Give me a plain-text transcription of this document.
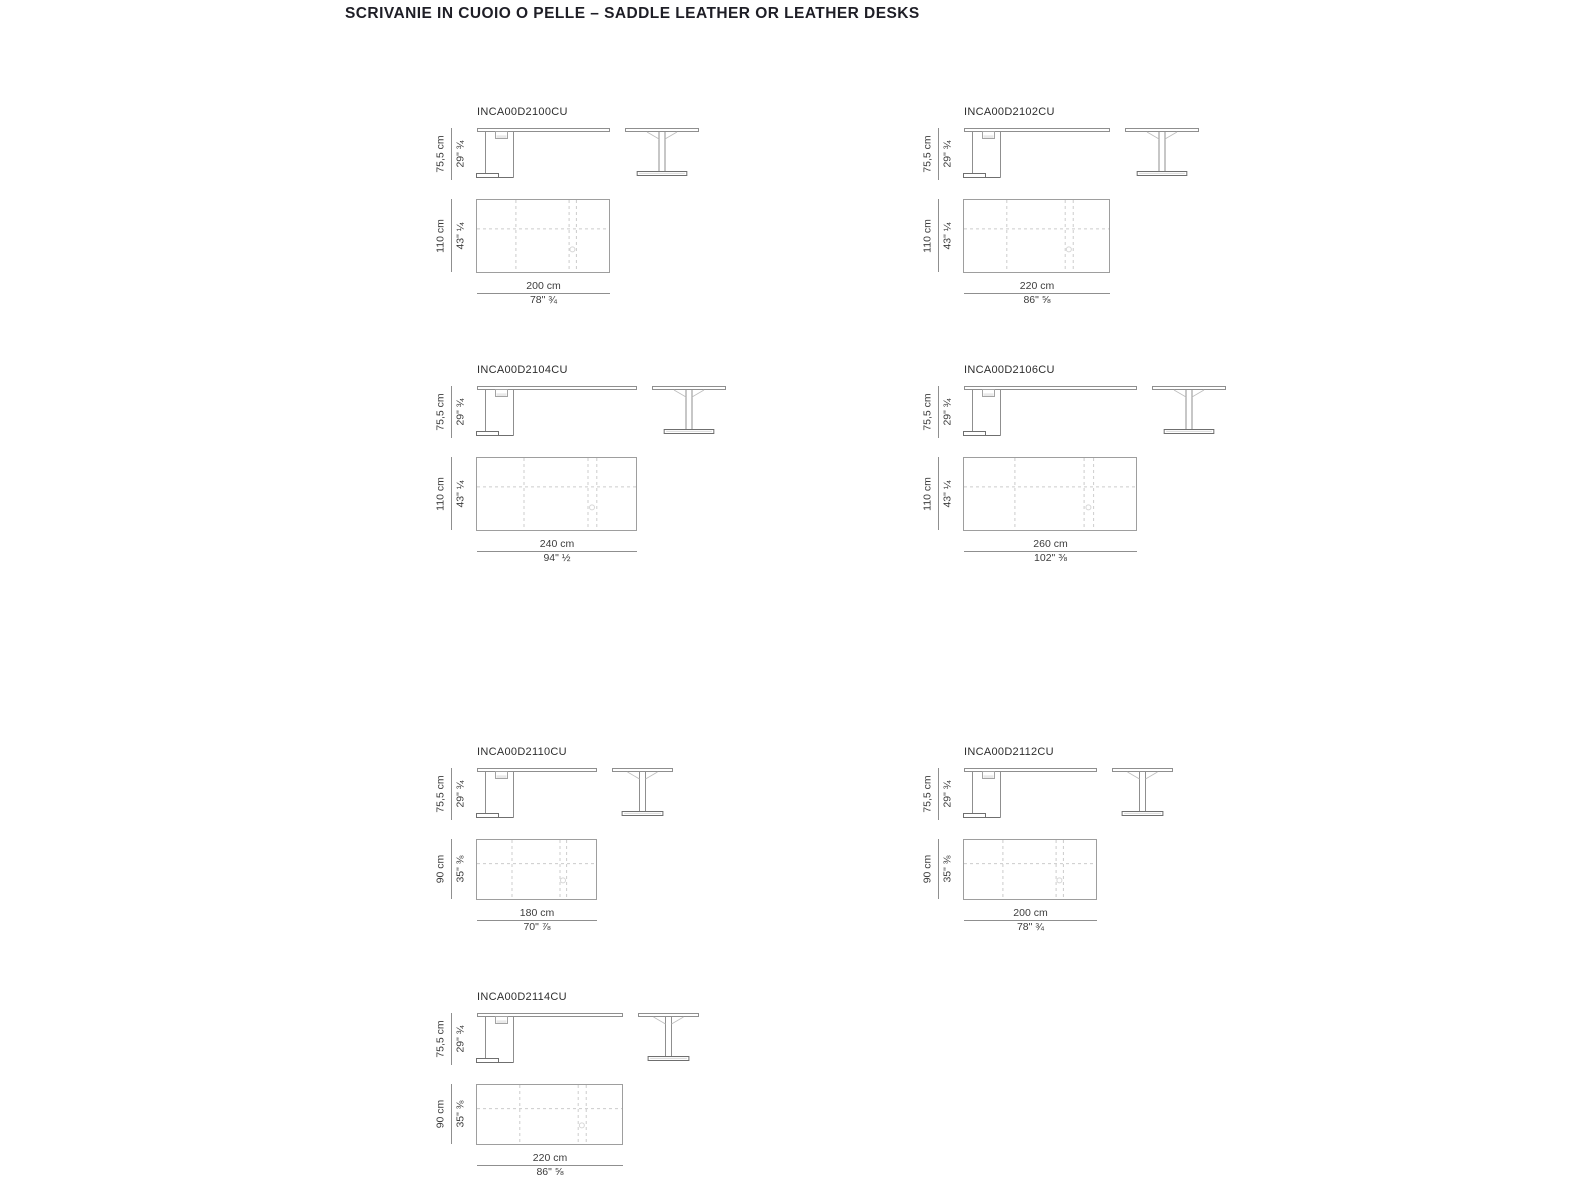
SCRIVANIE IN CUOIO O PELLE – SADDLE LEATHER OR LEATHER DESKS
INCA00D2100CU
75,5 cm 29" ¾
110 cm 43" ¼
200 cm
78" ¾
INCA00D2102CU
75,5 cm 29" ¾
110 cm 43" ¼
220 cm
86" ⅝
INCA00D2104CU
75,5 cm 29" ¾
110 cm 43" ¼
240 cm
94" ½
INCA00D2106CU
75,5 cm 29" ¾
110 cm 43" ¼
260 cm
102" ⅜
INCA00D2110CU
75,5 cm 29" ¾
90 cm 35" ⅜
180 cm
70" ⅞
INCA00D2112CU
75,5 cm 29" ¾
90 cm 35" ⅜
200 cm
78" ¾
INCA00D2114CU
75,5 cm 29" ¾
90 cm 35" ⅜
220 cm
86" ⅝
